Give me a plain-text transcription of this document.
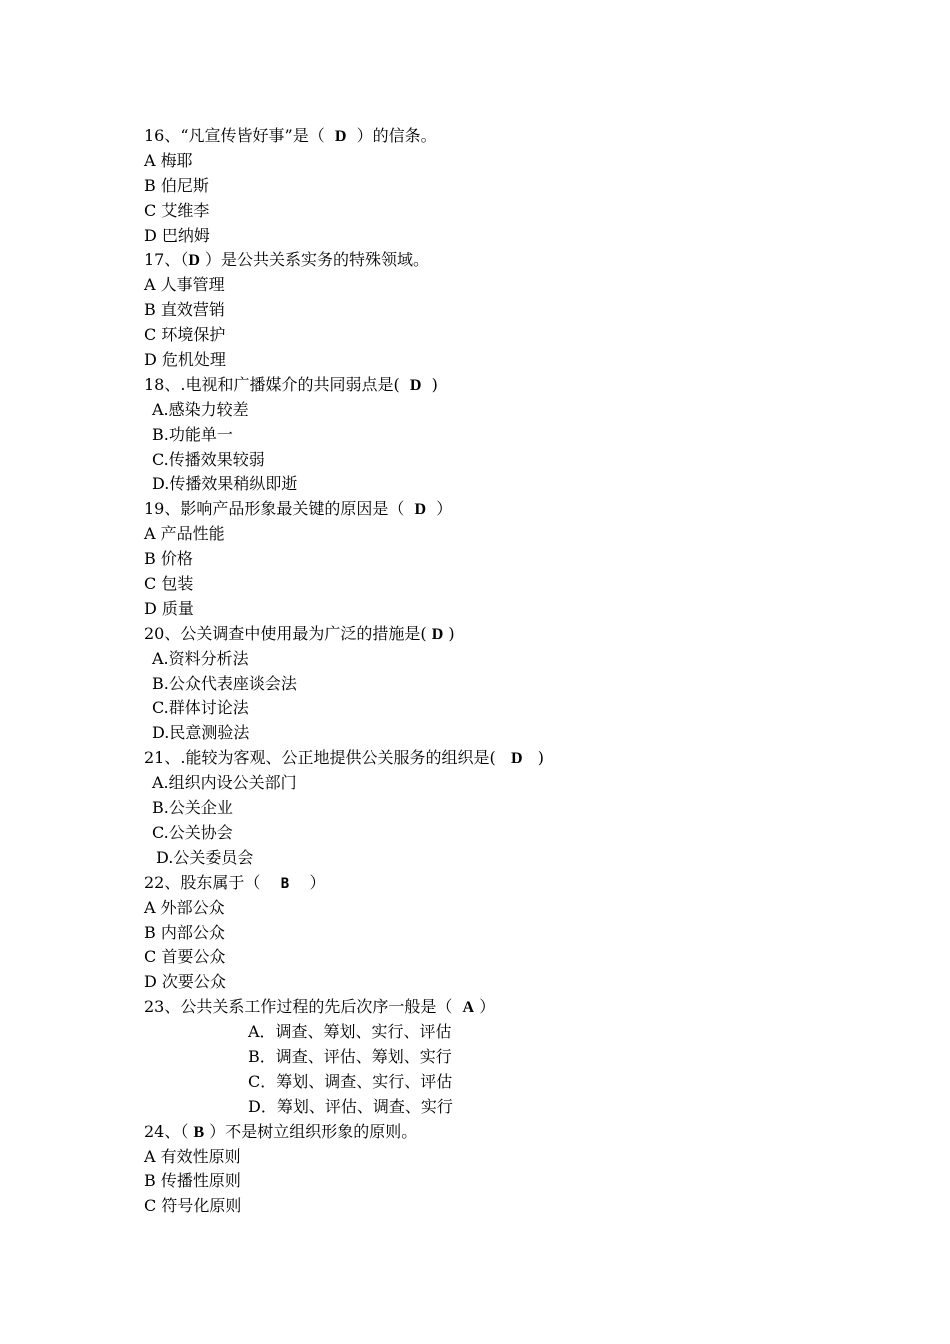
16、“凡宣传皆好事”是（  D  ）的信条。
A 梅耶
B 伯尼斯
C 艾维李
D 巴纳姆
17、（D ）是公共关系实务的特殊领域。
A 人事管理
B 直效营销
C 环境保护
D 危机处理
18、.电视和广播媒介的共同弱点是(  D  )
A.感染力较差
B.功能单一
C.传播效果较弱
D.传播效果稍纵即逝
19、影响产品形象最关键的原因是（  D  ）
A 产品性能
B 价格
C 包装
D 质量
20、公关调查中使用最为广泛的措施是( D )
A.资料分析法
B.公众代表座谈会法
C.群体讨论法
D.民意测验法
21、.能较为客观、公正地提供公关服务的组织是(   D   )
A.组织内设公关部门
B.公关企业
C.公关协会
D.公关委员会
22、股东属于（    B    ）
A 外部公众
B 内部公众
C 首要公众
D 次要公众
23、公共关系工作过程的先后次序一般是（  A ）
A．调查、筹划、实行、评估
B．调查、评估、筹划、实行
C．筹划、调查、实行、评估
D．筹划、评估、调查、实行
24、（ B ）不是树立组织形象的原则。
A 有效性原则
B 传播性原则
C 符号化原则
